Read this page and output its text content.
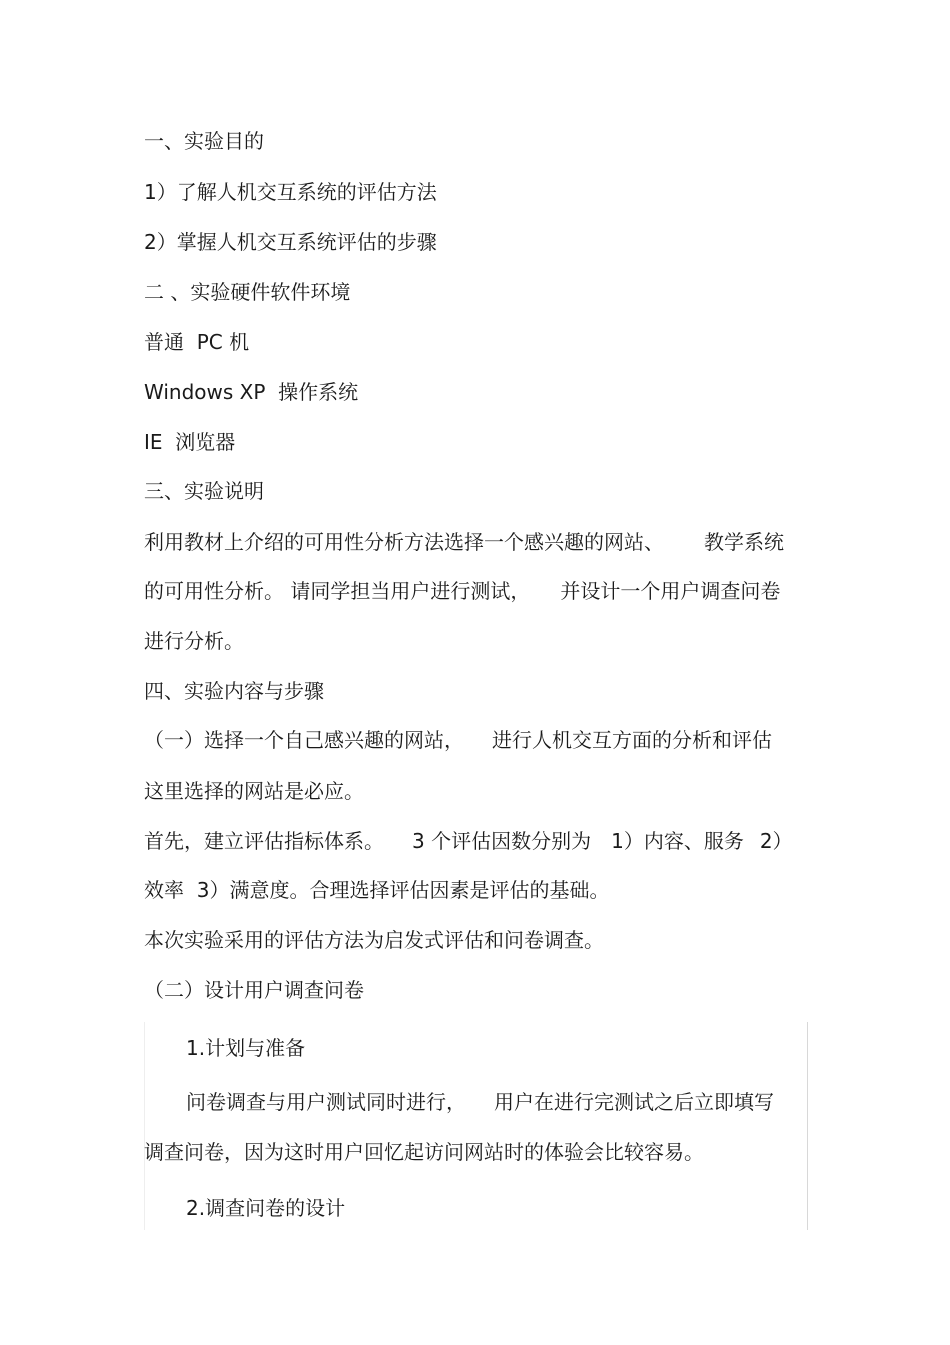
一、实验目的
1）了解人机交互系统的评估方法
2）掌握人机交互系统评估的步骤
二 、实验硬件软件环境
普通  PC 机
Windows XP  操作系统
IE  浏览器
三、实验说明
利用教材上介绍的可用性分析方法选择一个感兴趣的网站、 教学系统
的可用性分析。 请同学担当用户进行测试， 并设计一个用户调查问卷
进行分析。
四、实验内容与步骤
（一）选择一个自己感兴趣的网站， 进行人机交互方面的分析和评估
这里选择的网站是必应。
首先，建立评估指标体系。 3 个评估因数分别为 1）内容、服务 2）
效率  3）满意度。合理选择评估因素是评估的基础。
本次实验采用的评估方法为启发式评估和问卷调查。
（二）设计用户调查问卷
1.计划与准备
问卷调查与用户测试同时进行， 用户在进行完测试之后立即填写
调查问卷，因为这时用户回忆起访问网站时的体验会比较容易。
2.调查问卷的设计
